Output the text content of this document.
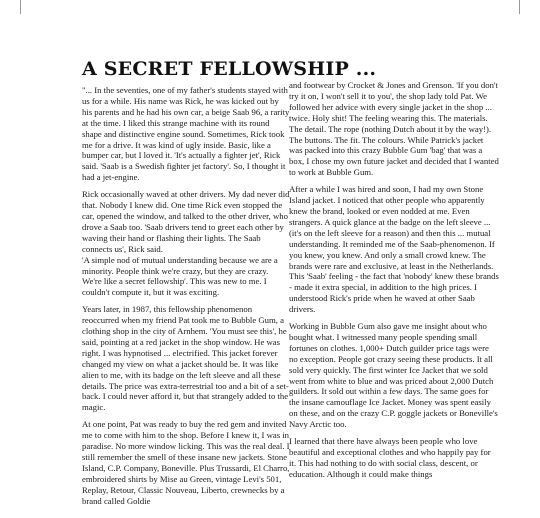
A SECRET FELLOWSHIP ...

"... In the seventies, one of my father's students stayed with us for a while. His name was Rick, he was kicked out by his parents and he had his own car, a beige Saab 96, a rarity at the time. I liked this strange machine with its round shape and distinctive engine sound. Sometimes, Rick took me for a drive. It was kind of ugly inside. Basic, like a bumper car, but I loved it. 'It's actually a fighter jet', Rick said. 'Saab is a Swedish fighter jet factory'. So, I thought it had a jet-engine.

Rick occasionally waved at other drivers. My dad never did that. Nobody I knew did. One time Rick even stopped the car, opened the window, and talked to the other driver, who drove a Saab too. 'Saab drivers tend to greet each other by waving their hand or flashing their lights. The Saab connects us', Rick said.

'A simple nod of mutual understanding because we are a minority. People think we're crazy, but they are crazy. We're like a secret fellowship'. This was new to me. I couldn't compute it, but it was exciting.

Years later, in 1987, this fellowship phenomenon reoccurred when my friend Pat took me to Bubble Gum, a clothing shop in the city of Arnhem. 'You must see this', he said, pointing at a red jacket in the shop window. He was right. I was hypnotised ... electrified. This jacket forever changed my view on what a jacket should be. It was like alien to me, with its badge on the left sleeve and all these details. The price was extra-terrestrial too and a bit of a set-back. I could never afford it, but that strangely added to the magic.

At one point, Pat was ready to buy the red gem and invited me to come with him to the shop. Before I knew it, I was in paradise. No more window licking. This was the real deal. I still remember the smell of these insane new jackets. Stone Island, C.P. Company, Boneville. Plus Trussardi, El Charro, embroidered shirts by Mise au Green, vintage Levi's 501, Replay, Retour, Classic Nouveau, Liberto, crewnecks by a brand called Goldie

and footwear by Crocket & Jones and Grenson. 'If you don't try it on, I won't sell it to you', the shop lady told Pat. We followed her advice with every single jacket in the shop ... twice. Holy shit! The feeling wearing this. The materials. The detail. The rope (nothing Dutch about it by the way!). The buttons. The fit. The colours. While Patrick's jacket was packed into this crazy Bubble Gum 'bag' that was a box, I chose my own future jacket and decided that I wanted to work at Bubble Gum.

After a while I was hired and soon, I had my own Stone Island jacket. I noticed that other people who apparently knew the brand, looked or even nodded at me. Even strangers. A quick glance at the badge on the left sleeve ... (it's on the left sleeve for a reason) and then this ... mutual understanding. It reminded me of the Saab-phenomenon. If you knew, you knew. And only a small crowd knew. The brands were rare and exclusive, at least in the Netherlands. This 'Saab' feeling - the fact that 'nobody' knew these brands - made it extra special, in addition to the high prices. I understood Rick's pride when he waved at other Saab drivers.

Working in Bubble Gum also gave me insight about who bought what. I witnessed many people spending small fortunes on clothes. 1,000+ Dutch guilder price tags were no exception. People got crazy seeing these products. It all sold very quickly. The first winter Ice Jacket that we sold went from white to blue and was priced about 2,000 Dutch guilders. It sold out within a few days. The same goes for the insane camouflage Ice Jacket. Money was spent easily on these, and on the crazy C.P. goggle jackets or Boneville's Navy Arctic too.

I learned that there have always been people who love beautiful and exceptional clothes and who happily pay for it. This had nothing to do with social class, descent, or education. Although it could make things
